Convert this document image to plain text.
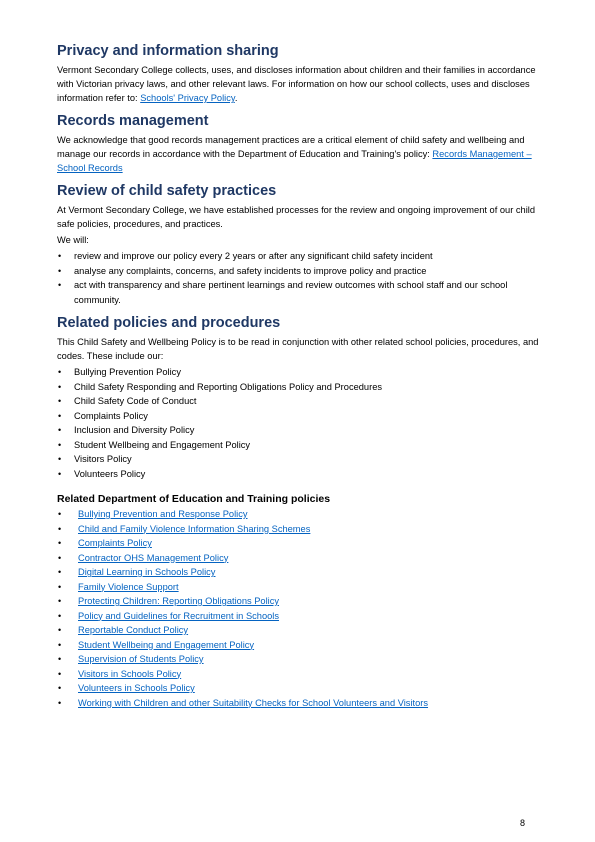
Privacy and information sharing

Vermont Secondary College collects, uses, and discloses information about children and their families in accordance with Victorian privacy laws, and other relevant laws. For information on how our school collects, uses and discloses information refer to: Schools' Privacy Policy.

Records management

We acknowledge that good records management practices are a critical element of child safety and wellbeing and manage our records in accordance with the Department of Education and Training's policy: Records Management – School Records

Review of child safety practices

At Vermont Secondary College, we have established processes for the review and ongoing improvement of our child safe policies, procedures, and practices.

We will:

• review and improve our policy every 2 years or after any significant child safety incident
• analyse any complaints, concerns, and safety incidents to improve policy and practice
• act with transparency and share pertinent learnings and review outcomes with school staff and our school community.
Related policies and procedures

This Child Safety and Wellbeing Policy is to be read in conjunction with other related school policies, procedures, and codes. These include our:

• Bullying Prevention Policy
• Child Safety Responding and Reporting Obligations Policy and Procedures
• Child Safety Code of Conduct
• Complaints Policy
• Inclusion and Diversity Policy
• Student Wellbeing and Engagement Policy
• Visitors Policy
• Volunteers Policy
Related Department of Education and Training policies
• Bullying Prevention and Response Policy
• Child and Family Violence Information Sharing Schemes
• Complaints Policy
• Contractor OHS Management Policy
• Digital Learning in Schools Policy
• Family Violence Support
• Protecting Children: Reporting Obligations Policy
• Policy and Guidelines for Recruitment in Schools
• Reportable Conduct Policy
• Student Wellbeing and Engagement Policy
• Supervision of Students Policy
• Visitors in Schools Policy
• Volunteers in Schools Policy
• Working with Children and other Suitability Checks for School Volunteers and Visitors
8
